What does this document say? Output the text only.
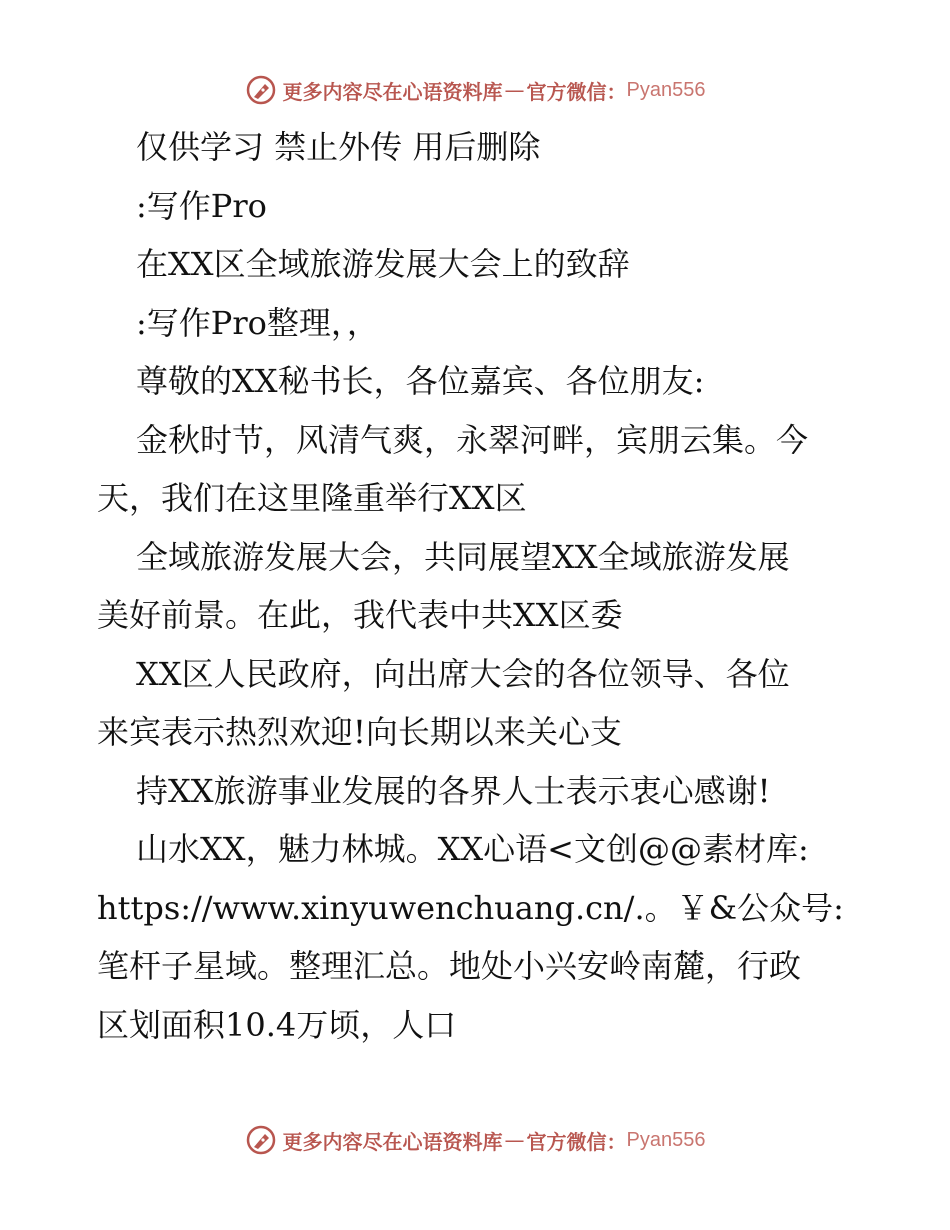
更多内容尽在心语资料库 — 官方微信： Pyan556
仅供学习 禁止外传 用后删除
:写作Pro
在XX区全域旅游发展大会上的致辞
:写作Pro整理，，
尊敬的XX秘书长，各位嘉宾、各位朋友:
金秋时节，风清气爽，永翠河畔，宾朋云集。今
天，我们在这里隆重举行XX区
全域旅游发展大会，共同展望XX全域旅游发展
美好前景。在此，我代表中共XX区委
XX区人民政府，向出席大会的各位领导、各位
来宾表示热烈欢迎!向长期以来关心支
持XX旅游事业发展的各界人士表示衷心感谢!
山水XX，魅力林城。XX心语<文创@@素材库:
https://www.xinyuwenchuang.cn/.。￥&公众号:
笔杆子星域。整理汇总。地处小兴安岭南麓，行政
区划面积10.4万顷，人口
更多内容尽在心语资料库 — 官方微信： Pyan556
